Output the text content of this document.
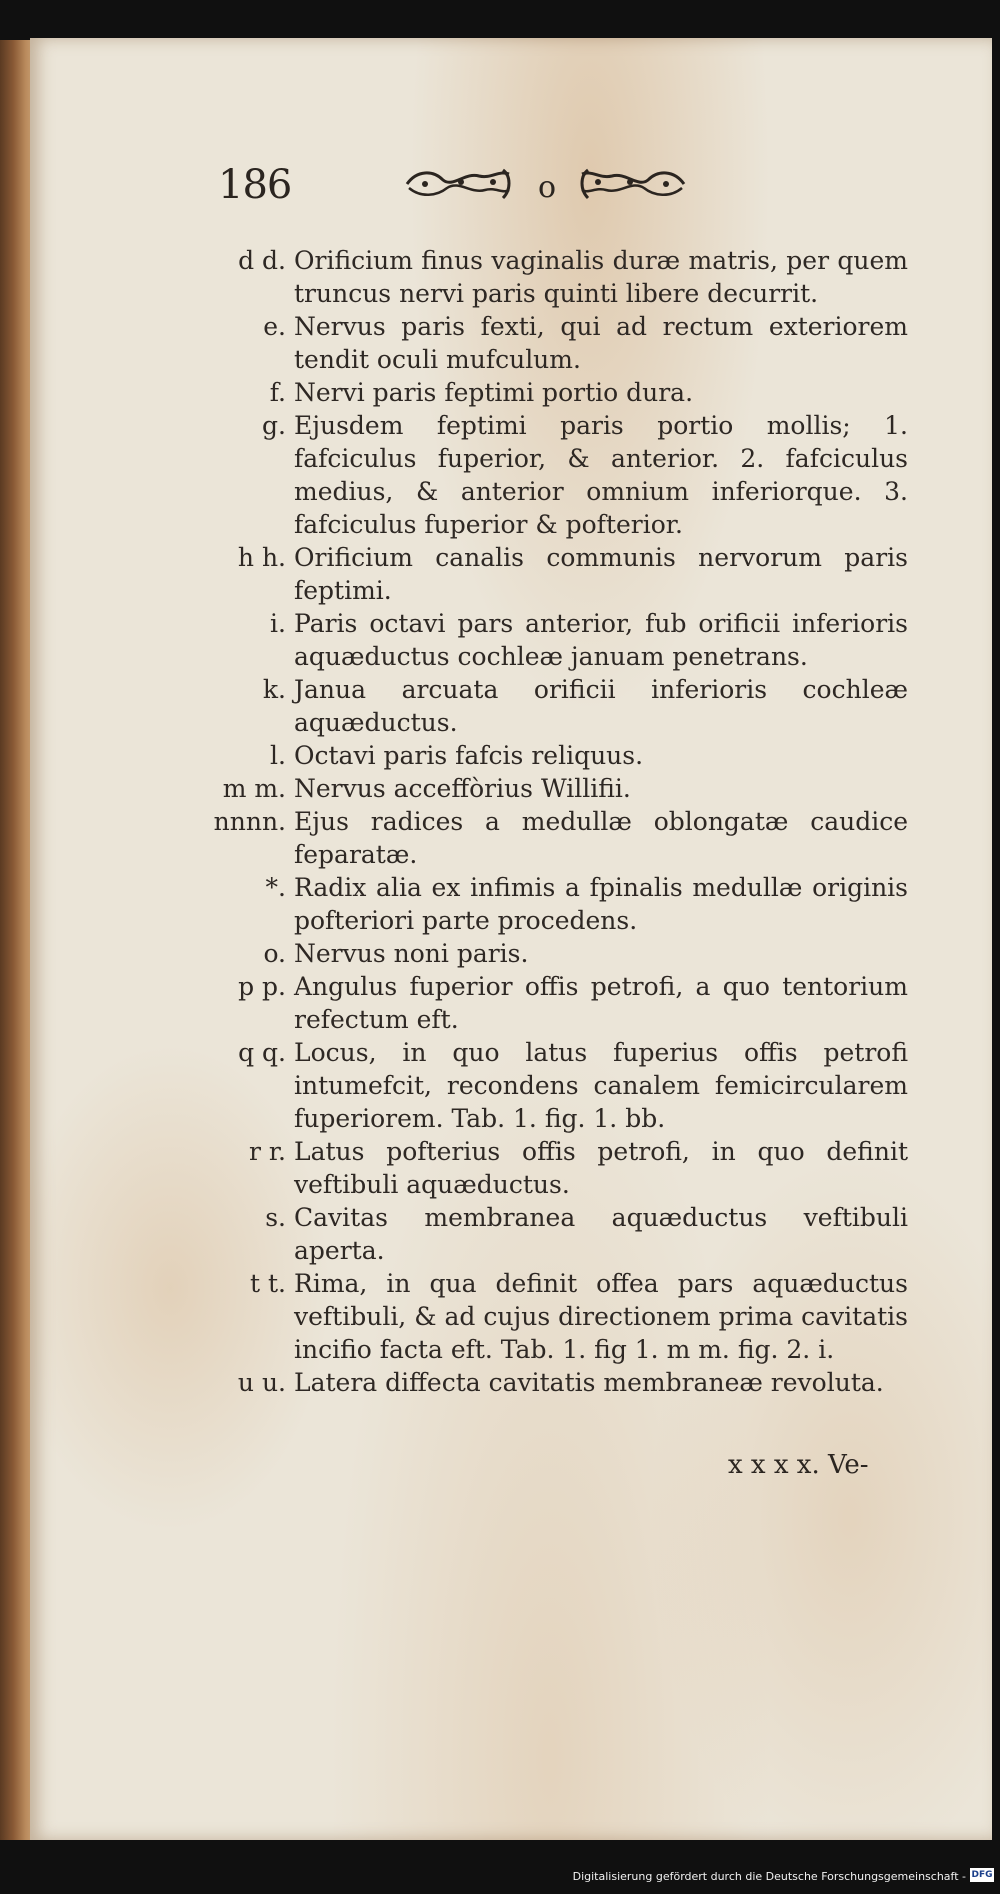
186	o
d d. Orificium finus vaginalis duræ matris, per quem truncus nervi paris quinti libere decurrit.
e. Nervus paris fexti, qui ad rectum exteriorem tendit oculi mufculum.
f. Nervi paris feptimi portio dura.
g. Ejusdem feptimi paris portio mollis; 1. fafciculus fuperior, & anterior. 2. fafciculus medius, & anterior omnium inferiorque. 3. fafciculus fuperior & pofterior.
h h. Orificium canalis communis nervorum paris feptimi.
i. Paris octavi pars anterior, fub orificii inferioris aquæductus cochleæ januam penetrans.
k. Janua arcuata orificii inferioris cochleæ aquæductus.
l. Octavi paris fafcis reliquus.
m m. Nervus acceffòrius Willifii.
nnnn. Ejus radices a medullæ oblongatæ caudice feparatæ.
*. Radix alia ex infimis a fpinalis medullæ originis pofteriori parte procedens.
o. Nervus noni paris.
p p. Angulus fuperior offis petrofi, a quo tentorium refectum eft.
q q. Locus, in quo latus fuperius offis petrofi intumefcit, recondens canalem femicircularem fuperiorem. Tab. 1. fig. 1. bb.
r r. Latus pofterius offis petrofi, in quo definit veftibuli aquæductus.
s. Cavitas membranea aquæductus veftibuli aperta.
t t. Rima, in qua definit offea pars aquæductus veftibuli, & ad cujus directionem prima cavitatis incifio facta eft. Tab. 1. fig 1. m m. fig. 2. i.
u u. Latera diffecta cavitatis membraneæ revoluta.
x x x x. Ve-
Digitalisierung gefördert durch die Deutsche Forschungsgemeinschaft - DFG
